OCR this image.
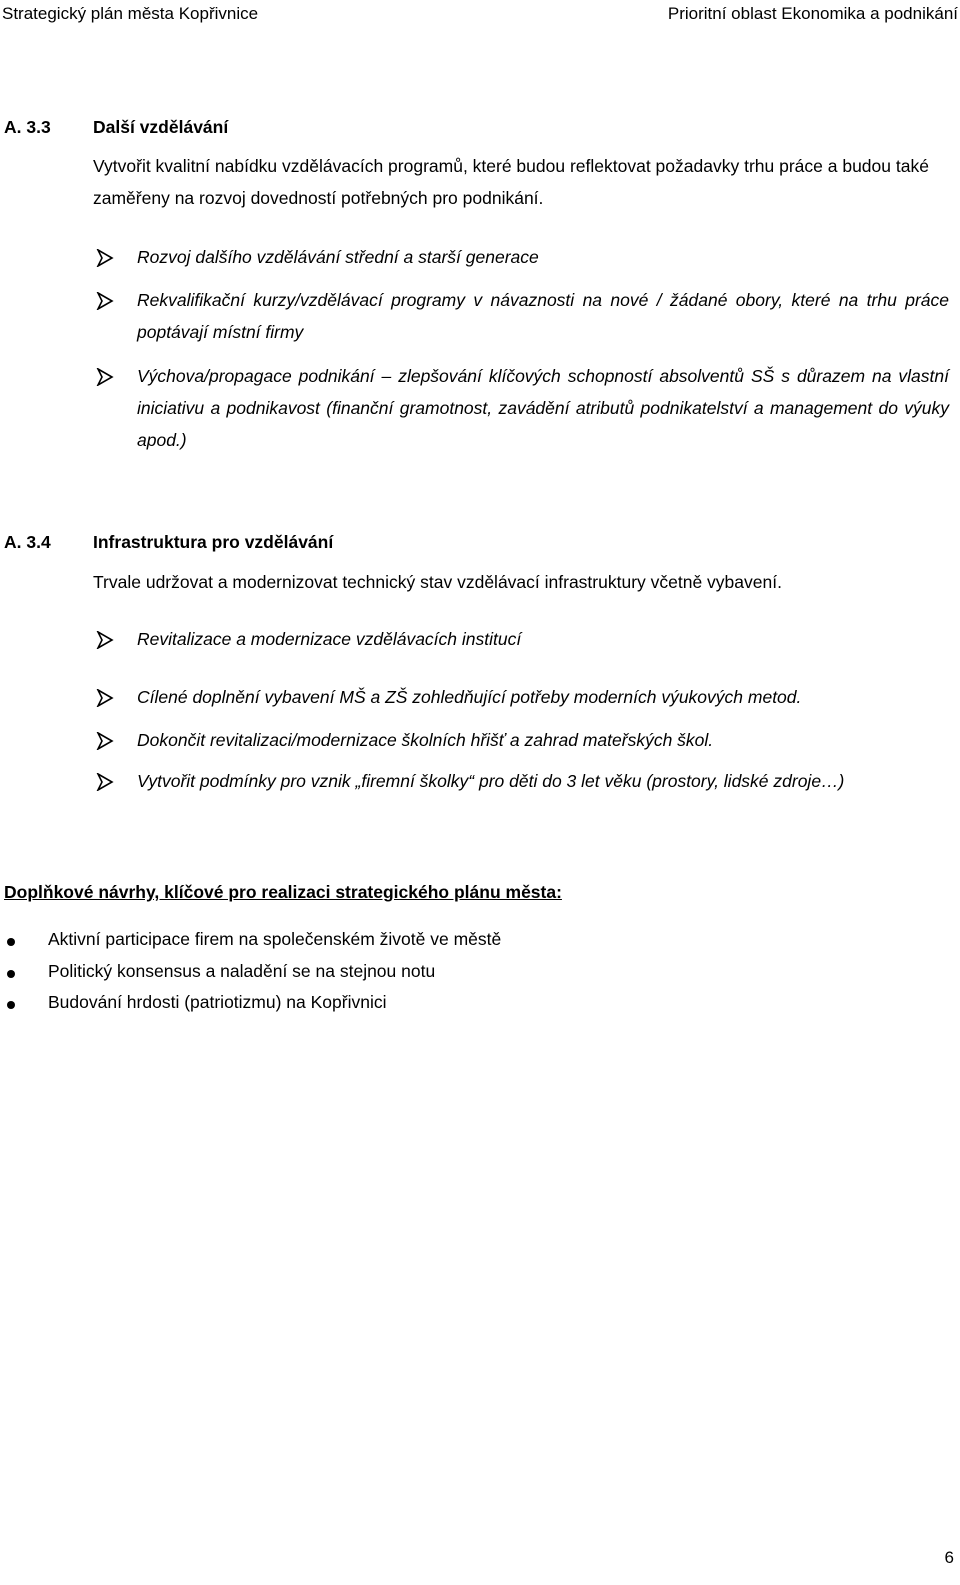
Strategický plán města Kopřivnice	Prioritní oblast Ekonomika a podnikání
A. 3.3 Další vzdělávání
Vytvořit kvalitní nabídku vzdělávacích programů, které budou reflektovat požadavky trhu práce a budou také zaměřeny na rozvoj dovedností potřebných pro podnikání.
Rozvoj dalšího vzdělávání střední a starší generace
Rekvalifikační kurzy/vzdělávací programy v návaznosti na nové / žádané obory, které na trhu práce poptávají místní firmy
Výchova/propagace podnikání – zlepšování klíčových schopností absolventů SŠ s důrazem na vlastní iniciativu a podnikavost (finanční gramotnost, zavádění atributů podnikatelství a management do výuky apod.)
A. 3.4 Infrastruktura pro vzdělávání
Trvale udržovat a modernizovat technický stav vzdělávací infrastruktury včetně vybavení.
Revitalizace a modernizace vzdělávacích institucí
Cílené doplnění vybavení MŠ a ZŠ zohledňující potřeby moderních výukových metod.
Dokončit revitalizaci/modernizace školních hřišť a zahrad mateřských škol.
Vytvořit podmínky pro vznik „firemní školky“ pro děti do 3 let věku (prostory, lidské zdroje…)
Doplňkové návrhy, klíčové pro realizaci strategického plánu města:
Aktivní participace firem na společenském životě ve městě
Politický konsensus a naladění se na stejnou notu
Budování hrdosti (patriotizmu) na Kopřivnici
6
